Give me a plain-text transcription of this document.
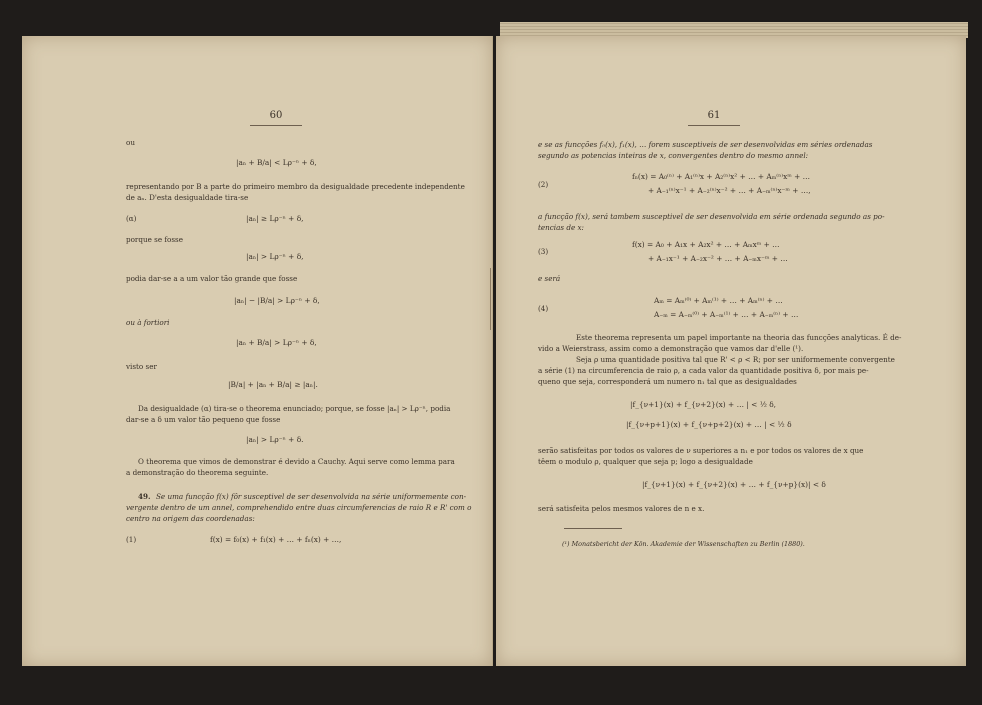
60
ou
|aₙ + B/a| < Lρ⁻ⁿ + δ,
representando por B a parte do primeiro membro da desigualdade precedente independente
de aₙ. D'esta desigualdade tira-se
(α)	|aₙ| ≥ Lρ⁻ⁿ + δ,
porque se fosse
|aₙ| > Lρ⁻ⁿ + δ,
podia dar-se a a um valor tão grande que fosse
|aₙ| − |B/a| > Lρ⁻ⁿ + δ,
ou à fortiori
|aₙ + B/a| > Lρ⁻ⁿ + δ,
visto ser
|B/a| + |aₙ + B/a| ≥ |aₙ|.
Da desigualdade (α) tira-se o theorema enunciado; porque, se fosse |aₙ| > Lρ⁻ⁿ, podia
dar-se a δ um valor tão pequeno que fosse
|aₙ| > Lρ⁻ⁿ + δ.
O theorema que vimos de demonstrar é devido a Cauchy. Aqui serve como lemma para
a demonstração do theorema seguinte.
49. Se uma funcção f(x) fôr susceptivel de ser desenvolvida na série uniformemente con-
vergente dentro de um annel, comprehendido entre duas circumferencias de raio R e R' com o
centro na origem das coordenadas:
(1)	f(x) = f₀(x) + f₁(x) + … + fₙ(x) + …,
61
e se as funcções f₀(x), f₁(x), … forem susceptiveis de ser desenvolvidas em séries ordenadas
segundo as potencias inteiras de x, convergentes dentro do mesmo annel:
(2)
fₙ(x) = A₀⁽ⁿ⁾ + A₁⁽ⁿ⁾x + A₂⁽ⁿ⁾x² + … + Aₘ⁽ⁿ⁾xᵐ + …
+ A₋₁⁽ⁿ⁾x⁻¹ + A₋₂⁽ⁿ⁾x⁻² + … + A₋ₘ⁽ⁿ⁾x⁻ᵐ + …,
a funcção f(x), será tambem susceptivel de ser desenvolvida em série ordenada segundo as po-
tencias de x:
(3)
f(x) = A₀ + A₁x + A₂x² + … + Aₘxᵐ + …
+ A₋₁x⁻¹ + A₋₂x⁻² + … + A₋ₘx⁻ᵐ + …
e será
(4)
Aₘ = Aₘ⁽⁰⁾ + Aₘ⁽¹⁾ + … + Aₘ⁽ⁿ⁾ + …
A₋ₘ = A₋ₘ⁽⁰⁾ + A₋ₘ⁽¹⁾ + … + A₋ₘ⁽ⁿ⁾ + …
Este theorema representa um papel importante na theoria das funcções analyticas. É de-
vido a Weierstrass, assim como a demonstração que vamos dar d'elle (¹).
Seja ρ uma quantidade positiva tal que R' < ρ < R; por ser uniformemente convergente
a série (1) na circumferencia de raio ρ, a cada valor da quantidade positiva δ, por mais pe-
queno que seja, corresponderá um numero n₁ tal que as desigualdades
|f_{ν+1}(x) + f_{ν+2}(x) + … | < ½ δ,
|f_{ν+p+1}(x) + f_{ν+p+2}(x) + … | < ½ δ
serão satisfeitas por todos os valores de ν superiores a n₁ e por todos os valores de x que
têem o modulo ρ, qualquer que seja p; logo a desigualdade
|f_{ν+1}(x) + f_{ν+2}(x) + … + f_{ν+p}(x)| < δ
será satisfeita pelos mesmos valores de n e x.
(¹) Monatsbericht der Kön. Akademie der Wissenschaften zu Berlin (1880).
